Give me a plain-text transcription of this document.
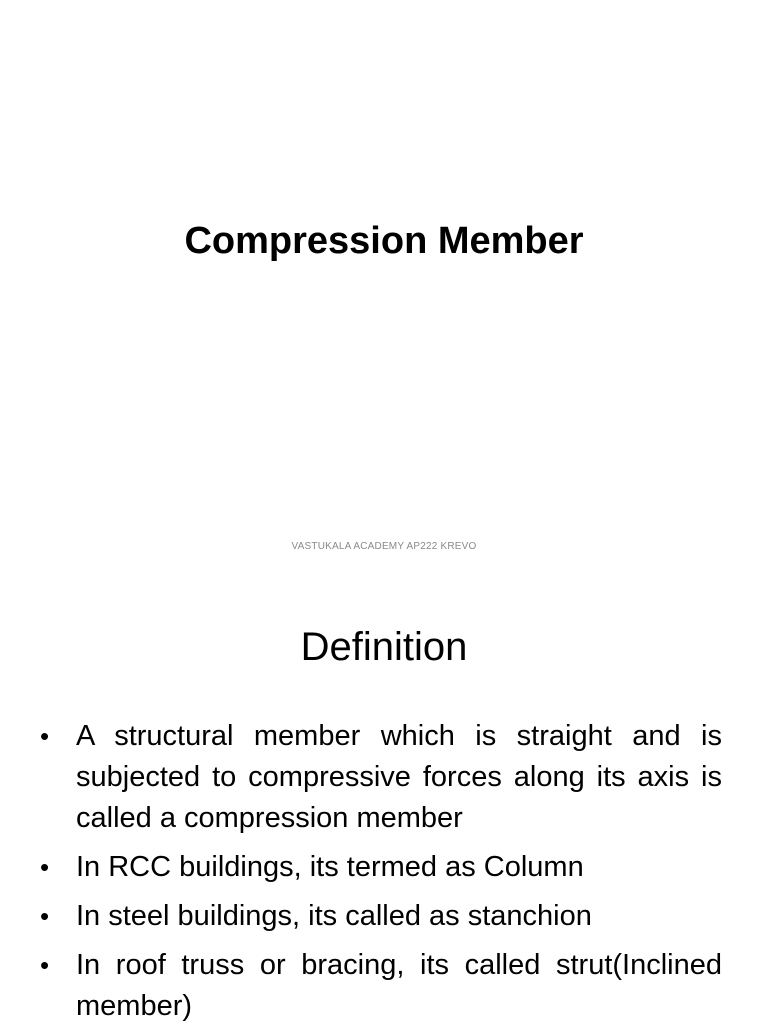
Compression Member

VASTUKALA ACADEMY AP222 KREVO

Definition
• A structural member which is straight and is subjected to compressive forces along its axis is called a compression member
• In RCC buildings, its termed as Column
• In steel buildings, its called as stanchion
• In roof truss or bracing, its called strut(Inclined member)
